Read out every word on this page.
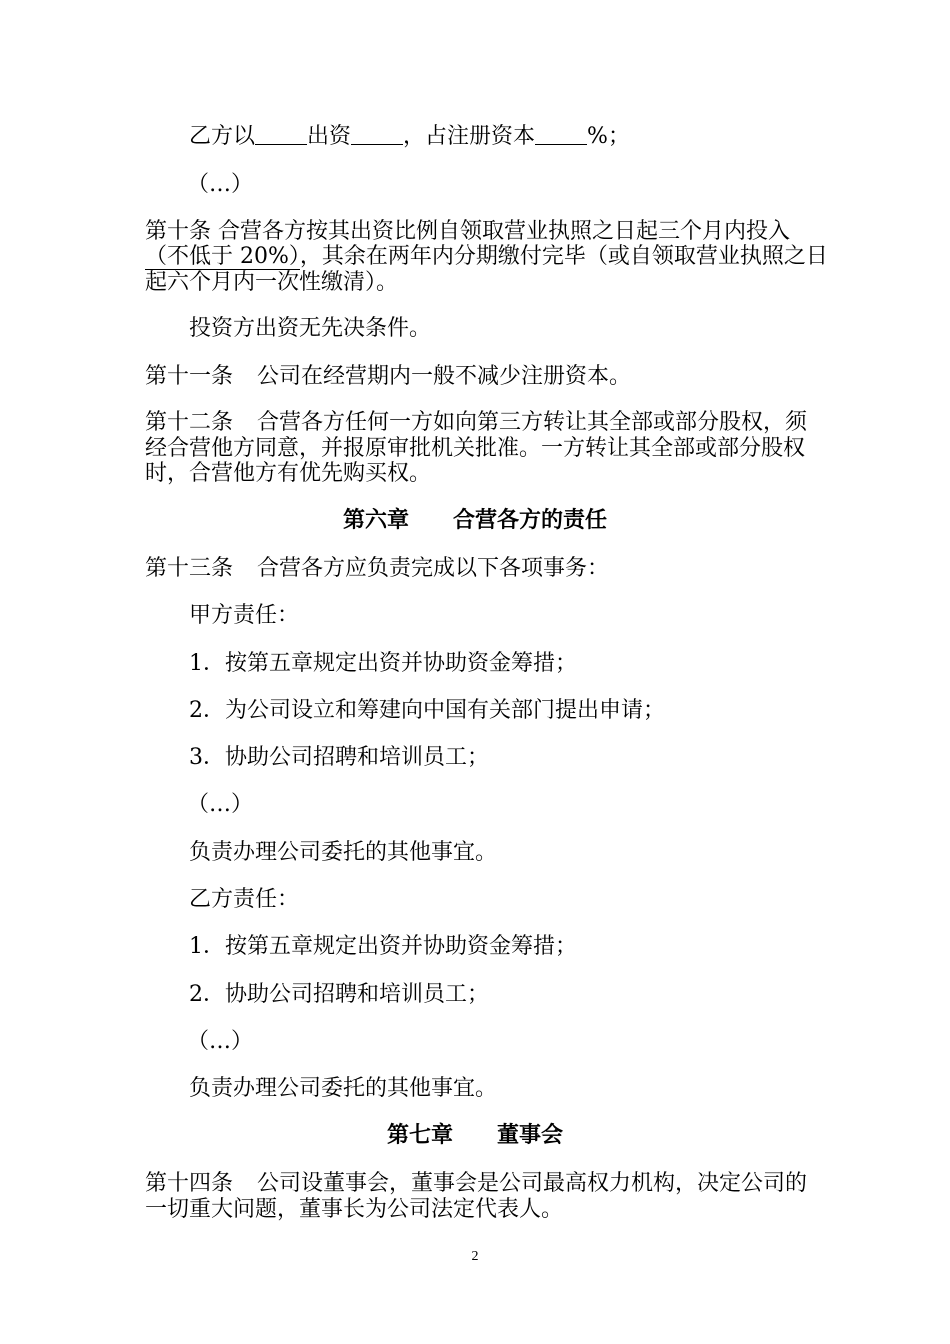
乙方以 出资 ，占注册资本 %；
（…）
第十条 合营各方按其出资比例自领取营业执照之日起三个月内投入
（不低于 20%），其余在两年内分期缴付完毕（或自领取营业执照之日
起六个月内一次性缴清）。
投资方出资无先决条件。
第十一条 公司在经营期内一般不减少注册资本。
第十二条 合营各方任何一方如向第三方转让其全部或部分股权，须
经合营他方同意，并报原审批机关批准。一方转让其全部或部分股权
时，合营他方有优先购买权。
第六章 合营各方的责任
第十三条 合营各方应负责完成以下各项事务：
甲方责任：
1．按第五章规定出资并协助资金筹措；
2．为公司设立和筹建向中国有关部门提出申请；
3．协助公司招聘和培训员工；
（…）
负责办理公司委托的其他事宜。
乙方责任：
1．按第五章规定出资并协助资金筹措；
2．协助公司招聘和培训员工；
（…）
负责办理公司委托的其他事宜。
第七章 董事会
第十四条 公司设董事会，董事会是公司最高权力机构，决定公司的
一切重大问题，董事长为公司法定代表人。
2
